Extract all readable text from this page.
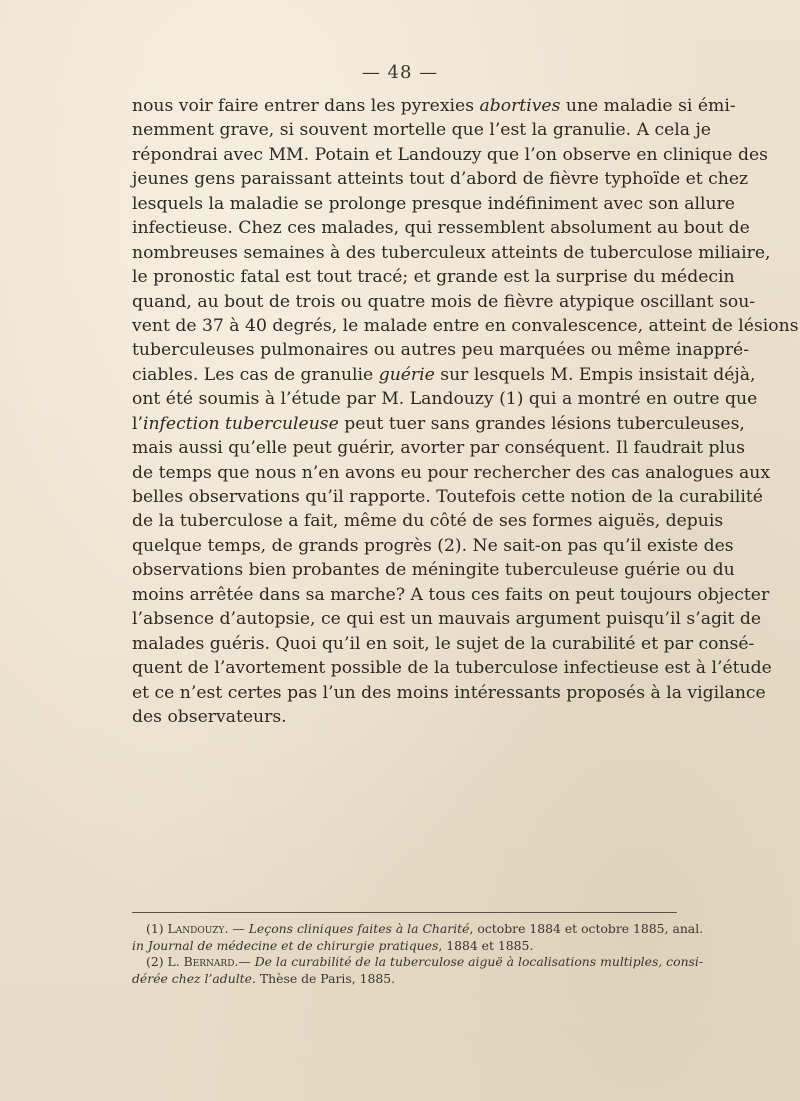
— 48 —
nous voir faire entrer dans les pyrexies abortives une maladie si émi-
nemment grave, si souvent mortelle que l’est la granulie. A cela je
répondrai avec MM. Potain et Landouzy que l’on observe en clinique des
jeunes gens paraissant atteints tout d’abord de fièvre typhoïde et chez
lesquels la maladie se prolonge presque indéfiniment avec son allure
infectieuse. Chez ces malades, qui ressemblent absolument au bout de
nombreuses semaines à des tuberculeux atteints de tuberculose miliaire,
le pronostic fatal est tout tracé; et grande est la surprise du médecin
quand, au bout de trois ou quatre mois de fièvre atypique oscillant sou-
vent de 37 à 40 degrés, le malade entre en convalescence, atteint de lésions
tuberculeuses pulmonaires ou autres peu marquées ou même inappré-
ciables. Les cas de granulie guérie sur lesquels M. Empis insistait déjà,
ont été soumis à l’étude par M. Landouzy (1) qui a montré en outre que
l’infection tuberculeuse peut tuer sans grandes lésions tuberculeuses,
mais aussi qu’elle peut guérir, avorter par conséquent. Il faudrait plus
de temps que nous n’en avons eu pour rechercher des cas analogues aux
belles observations qu’il rapporte. Toutefois cette notion de la curabilité
de la tuberculose a fait, même du côté de ses formes aiguës, depuis
quelque temps, de grands progrès (2). Ne sait-on pas qu’il existe des
observations bien probantes de méningite tuberculeuse guérie ou du
moins arrêtée dans sa marche? A tous ces faits on peut toujours objecter
l’absence d’autopsie, ce qui est un mauvais argument puisqu’il s’agit de
malades guéris. Quoi qu’il en soit, le sujet de la curabilité et par consé-
quent de l’avortement possible de la tuberculose infectieuse est à l’étude
et ce n’est certes pas l’un des moins intéressants proposés à la vigilance
des observateurs.
(1) Landouzy. — Leçons cliniques faites à la Charité, octobre 1884 et octobre 1885, anal.
in Journal de médecine et de chirurgie pratiques, 1884 et 1885.
(2) L. Bernard.— De la curabilité de la tuberculose aiguë à localisations multiples, consi-
dérée chez l’adulte. Thèse de Paris, 1885.
